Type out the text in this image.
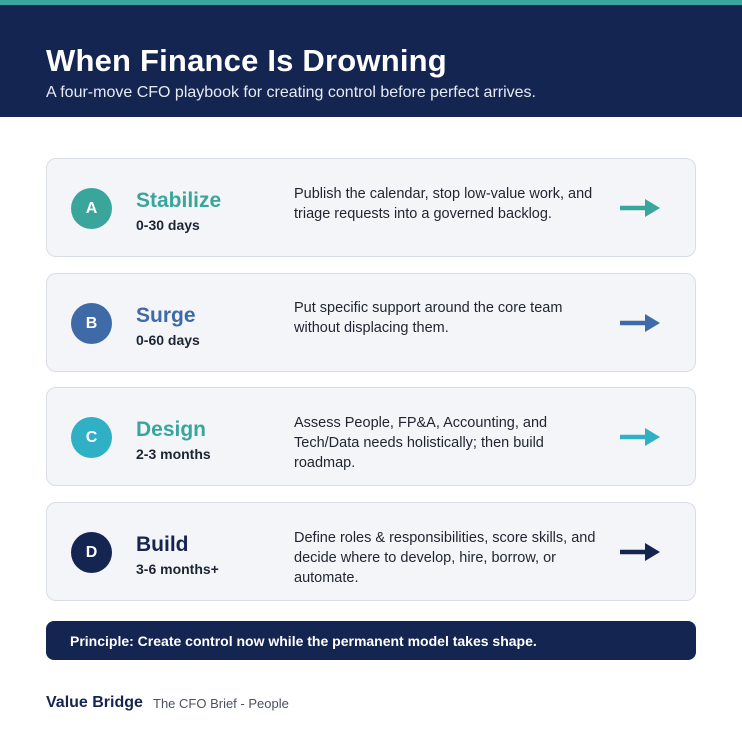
When Finance Is Drowning
A four-move CFO playbook for creating control before perfect arrives.
A	Stabilize
0-30 days
Publish the calendar, stop low-value work, and triage requests into a governed backlog.
B	Surge
0-60 days
Put specific support around the core team without displacing them.
C	Design
2-3 months
Assess People, FP&A, Accounting, and Tech/Data needs holistically; then build roadmap.
D	Build
3-6 months+
Define roles & responsibilities, score skills, and decide where to develop, hire, borrow, or automate.
Principle: Create control now while the permanent model takes shape.
Value Bridge The CFO Brief - People
